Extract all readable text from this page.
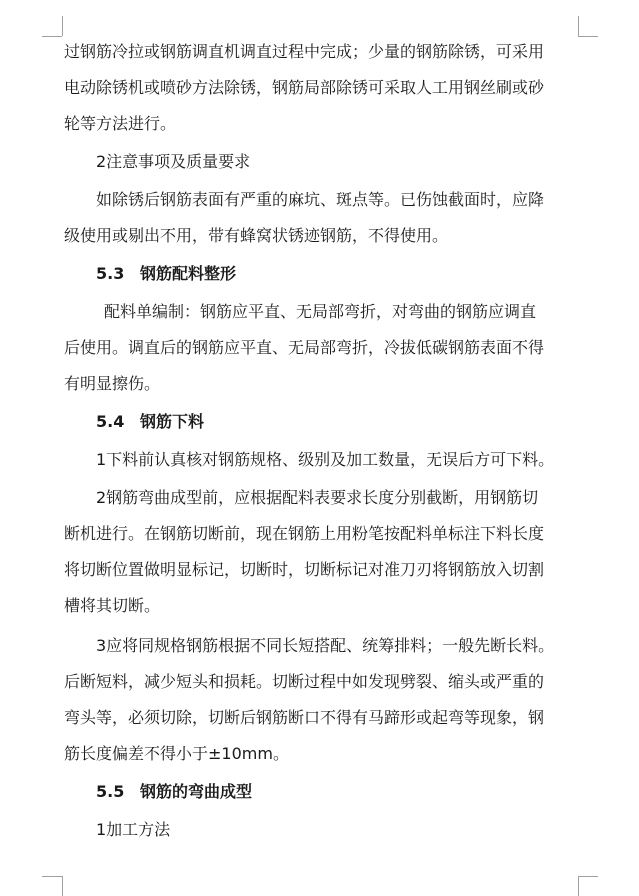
过钢筋冷拉或钢筋调直机调直过程中完成；少量的钢筋除锈，可采用
电动除锈机或喷砂方法除锈，钢筋局部除锈可采取人工用钢丝刷或砂
轮等方法进行。
2注意事项及质量要求
如除锈后钢筋表面有严重的麻坑、斑点等。已伤蚀截面时，应降
级使用或剔出不用，带有蜂窝状锈迹钢筋，不得使用。
5.3 钢筋配料整形
配料单编制：钢筋应平直、无局部弯折，对弯曲的钢筋应调直
后使用。调直后的钢筋应平直、无局部弯折，冷拔低碳钢筋表面不得
有明显擦伤。
5.4 钢筋下料
1下料前认真核对钢筋规格、级别及加工数量，无误后方可下料。
2钢筋弯曲成型前，应根据配料表要求长度分别截断，用钢筋切
断机进行。在钢筋切断前，现在钢筋上用粉笔按配料单标注下料长度
将切断位置做明显标记，切断时，切断标记对准刀刃将钢筋放入切割
槽将其切断。
3应将同规格钢筋根据不同长短搭配、统筹排料；一般先断长料。
后断短料，减少短头和损耗。切断过程中如发现劈裂、缩头或严重的
弯头等，必须切除，切断后钢筋断口不得有马蹄形或起弯等现象，钢
筋长度偏差不得小于±10mm。
5.5 钢筋的弯曲成型
1加工方法
